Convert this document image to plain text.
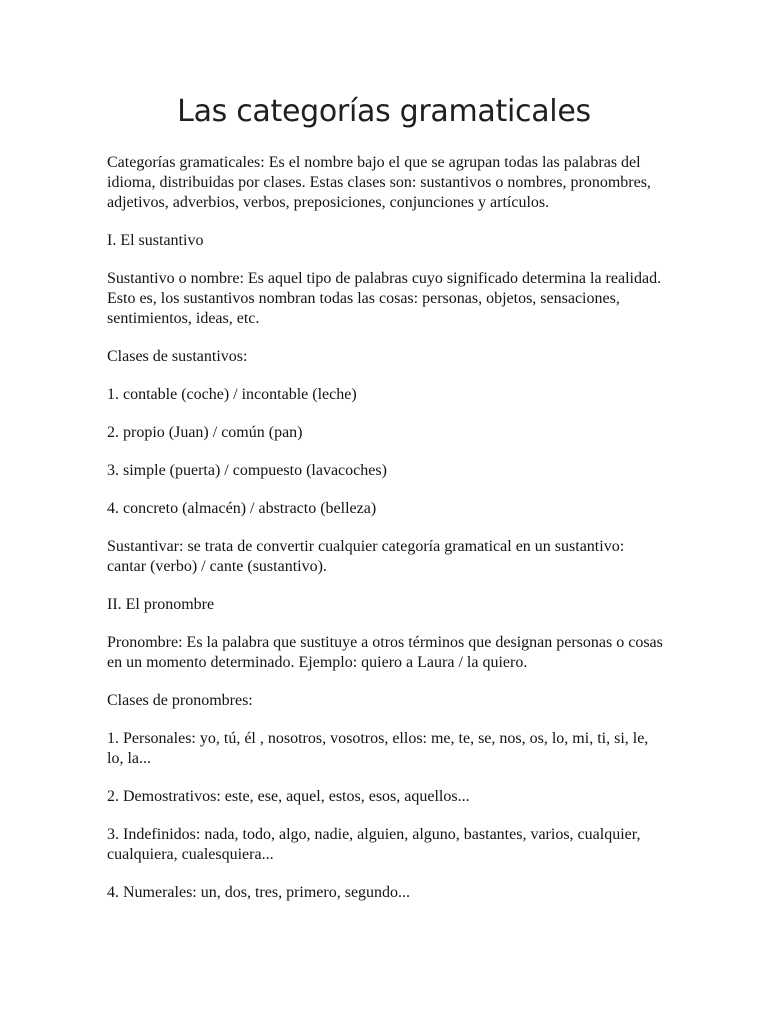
Las categorías gramaticales

Categorías gramaticales: Es el nombre bajo el que se agrupan todas las palabras del idioma, distribuidas por clases. Estas clases son: sustantivos o nombres, pronombres, adjetivos, adverbios, verbos, preposiciones, conjunciones y artículos.

I. El sustantivo

Sustantivo o nombre: Es aquel tipo de palabras cuyo significado determina la realidad. Esto es, los sustantivos nombran todas las cosas: personas, objetos, sensaciones, sentimientos, ideas, etc.

Clases de sustantivos:

1. contable (coche) / incontable (leche)

2. propio (Juan) / común (pan)

3. simple (puerta) / compuesto (lavacoches)

4. concreto (almacén) / abstracto (belleza)

Sustantivar: se trata de convertir cualquier categoría gramatical en un sustantivo: cantar (verbo) / cante (sustantivo).

II. El pronombre

Pronombre: Es la palabra que sustituye a otros términos que designan personas o cosas en un momento determinado. Ejemplo: quiero a Laura / la quiero.

Clases de pronombres:

1. Personales: yo, tú, él , nosotros, vosotros, ellos: me, te, se, nos, os, lo, mi, ti, si, le, lo, la...

2. Demostrativos: este, ese, aquel, estos, esos, aquellos...

3. Indefinidos: nada, todo, algo, nadie, alguien, alguno, bastantes, varios, cualquier, cualquiera, cualesquiera...

4. Numerales: un, dos, tres, primero, segundo...
